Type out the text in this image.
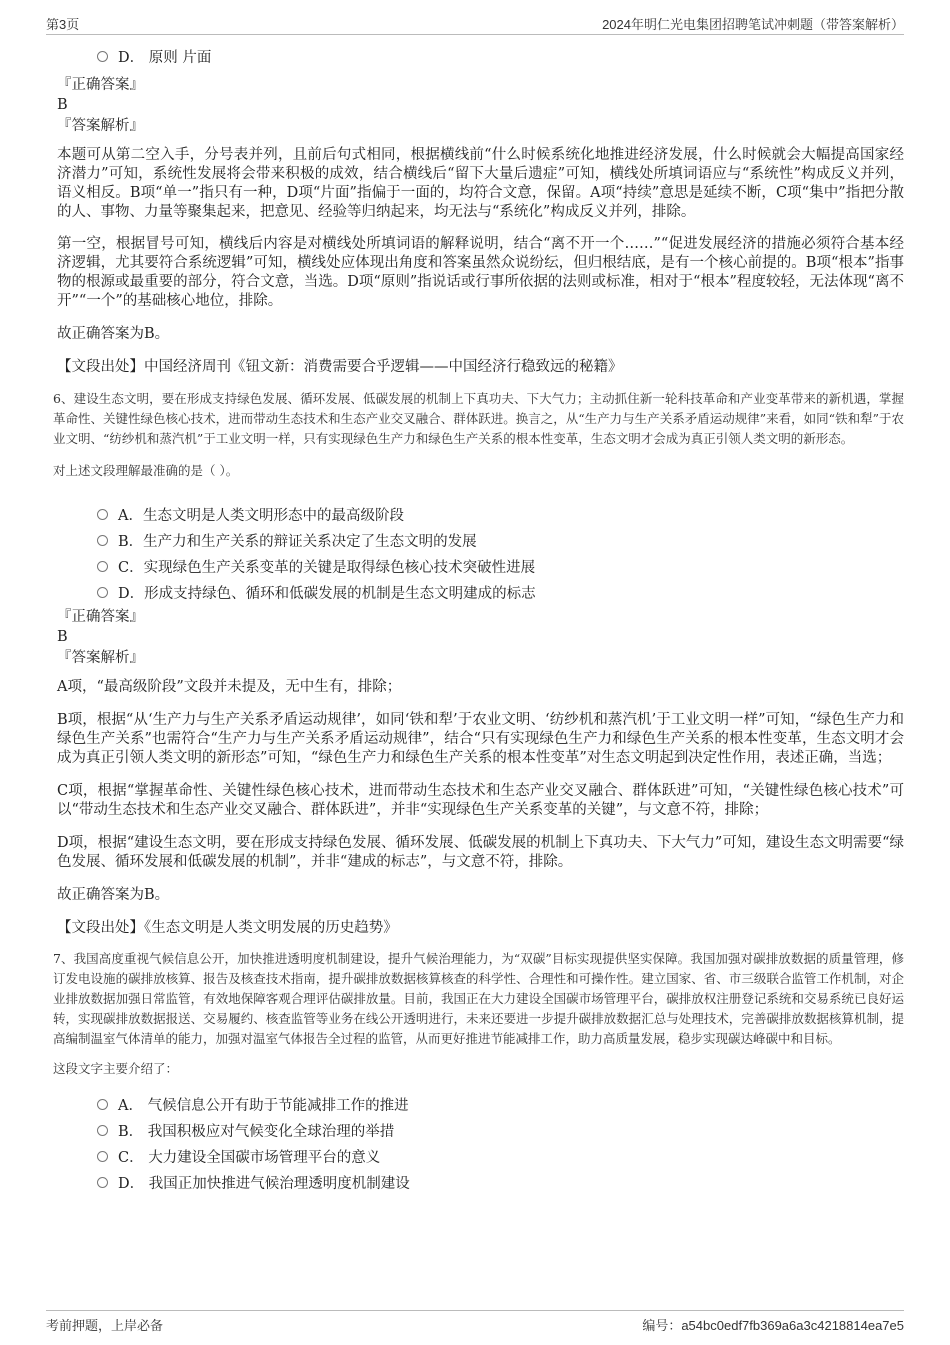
第3页	2024年明仁光电集团招聘笔试冲刺题（带答案解析）
D． 原则 片面

『正确答案』

B

『答案解析』

本题可从第二空入手，分号表并列，且前后句式相同，根据横线前“什么时候系统化地推进经济发展，什么时候就会大幅提高国家经济潜力”可知，系统性发展将会带来积极的成效，结合横线后“留下大量后遗症”可知，横线处所填词语应与“系统性”构成反义并列，语义相反。B项“单一”指只有一种，D项“片面”指偏于一面的，均符合文意，保留。A项“持续”意思是延续不断，C项“集中”指把分散的人、事物、力量等聚集起来，把意见、经验等归纳起来，均无法与“系统化”构成反义并列，排除。

第一空，根据冒号可知，横线后内容是对横线处所填词语的解释说明，结合“离不开一个……”“促进发展经济的措施必须符合基本经济逻辑，尤其要符合系统逻辑”可知，横线处应体现出角度和答案虽然众说纷纭，但归根结底，是有一个核心前提的。B项“根本”指事物的根源或最重要的部分，符合文意，当选。D项“原则”指说话或行事所依据的法则或标准，相对于“根本”程度较轻，无法体现“离不开”“一个”的基础核心地位，排除。

故正确答案为B。

【文段出处】中国经济周刊《钮文新：消费需要合乎逻辑——中国经济行稳致远的秘籍》

6、建设生态文明，要在形成支持绿色发展、循环发展、低碳发展的机制上下真功夫、下大气力；主动抓住新一轮科技革命和产业变革带来的新机遇，掌握革命性、关键性绿色核心技术，进而带动生态技术和生态产业交叉融合、群体跃进。换言之，从“生产力与生产关系矛盾运动规律”来看，如同“铁和犁”于农业文明、“纺纱机和蒸汽机”于工业文明一样，只有实现绿色生产力和绿色生产关系的根本性变革，生态文明才会成为真正引领人类文明的新形态。

对上述文段理解最准确的是（ ）。

A．生态文明是人类文明形态中的最高级阶段
B．生产力和生产关系的辩证关系决定了生态文明的发展
C．实现绿色生产关系变革的关键是取得绿色核心技术突破性进展
D．形成支持绿色、循环和低碳发展的机制是生态文明建成的标志

『正确答案』

B

『答案解析』

A项，“最高级阶段”文段并未提及，无中生有，排除；

B项，根据“从‘生产力与生产关系矛盾运动规律’，如同‘铁和犁’于农业文明、‘纺纱机和蒸汽机’于工业文明一样”可知，“绿色生产力和绿色生产关系”也需符合“生产力与生产关系矛盾运动规律”，结合“只有实现绿色生产力和绿色生产关系的根本性变革，生态文明才会成为真正引领人类文明的新形态”可知，“绿色生产力和绿色生产关系的根本性变革”对生态文明起到决定性作用，表述正确，当选；

C项，根据“掌握革命性、关键性绿色核心技术，进而带动生态技术和生态产业交叉融合、群体跃进”可知，“关键性绿色核心技术”可以“带动生态技术和生态产业交叉融合、群体跃进”，并非“实现绿色生产关系变革的关键”，与文意不符，排除；

D项，根据“建设生态文明，要在形成支持绿色发展、循环发展、低碳发展的机制上下真功夫、下大气力”可知，建设生态文明需要“绿色发展、循环发展和低碳发展的机制”，并非“建成的标志”，与文意不符，排除。

故正确答案为B。

【文段出处】《生态文明是人类文明发展的历史趋势》

7、我国高度重视气候信息公开，加快推进透明度机制建设，提升气候治理能力，为“双碳”目标实现提供坚实保障。我国加强对碳排放数据的质量管理，修订发电设施的碳排放核算、报告及核查技术指南，提升碳排放数据核算核查的科学性、合理性和可操作性。建立国家、省、市三级联合监管工作机制，对企业排放数据加强日常监管，有效地保障客观合理评估碳排放量。目前，我国正在大力建设全国碳市场管理平台，碳排放权注册登记系统和交易系统已良好运转，实现碳排放数据报送、交易履约、核查监管等业务在线公开透明进行，未来还要进一步提升碳排放数据汇总与处理技术，完善碳排放数据核算机制，提高编制温室气体清单的能力，加强对温室气体报告全过程的监管，从而更好推进节能减排工作，助力高质量发展，稳步实现碳达峰碳中和目标。

这段文字主要介绍了：

A． 气候信息公开有助于节能减排工作的推进
B． 我国积极应对气候变化全球治理的举措
C． 大力建设全国碳市场管理平台的意义
D． 我国正加快推进气候治理透明度机制建设
考前押题，上岸必备	编号：a54bc0edf7fb369a6a3c4218814ea7e5
